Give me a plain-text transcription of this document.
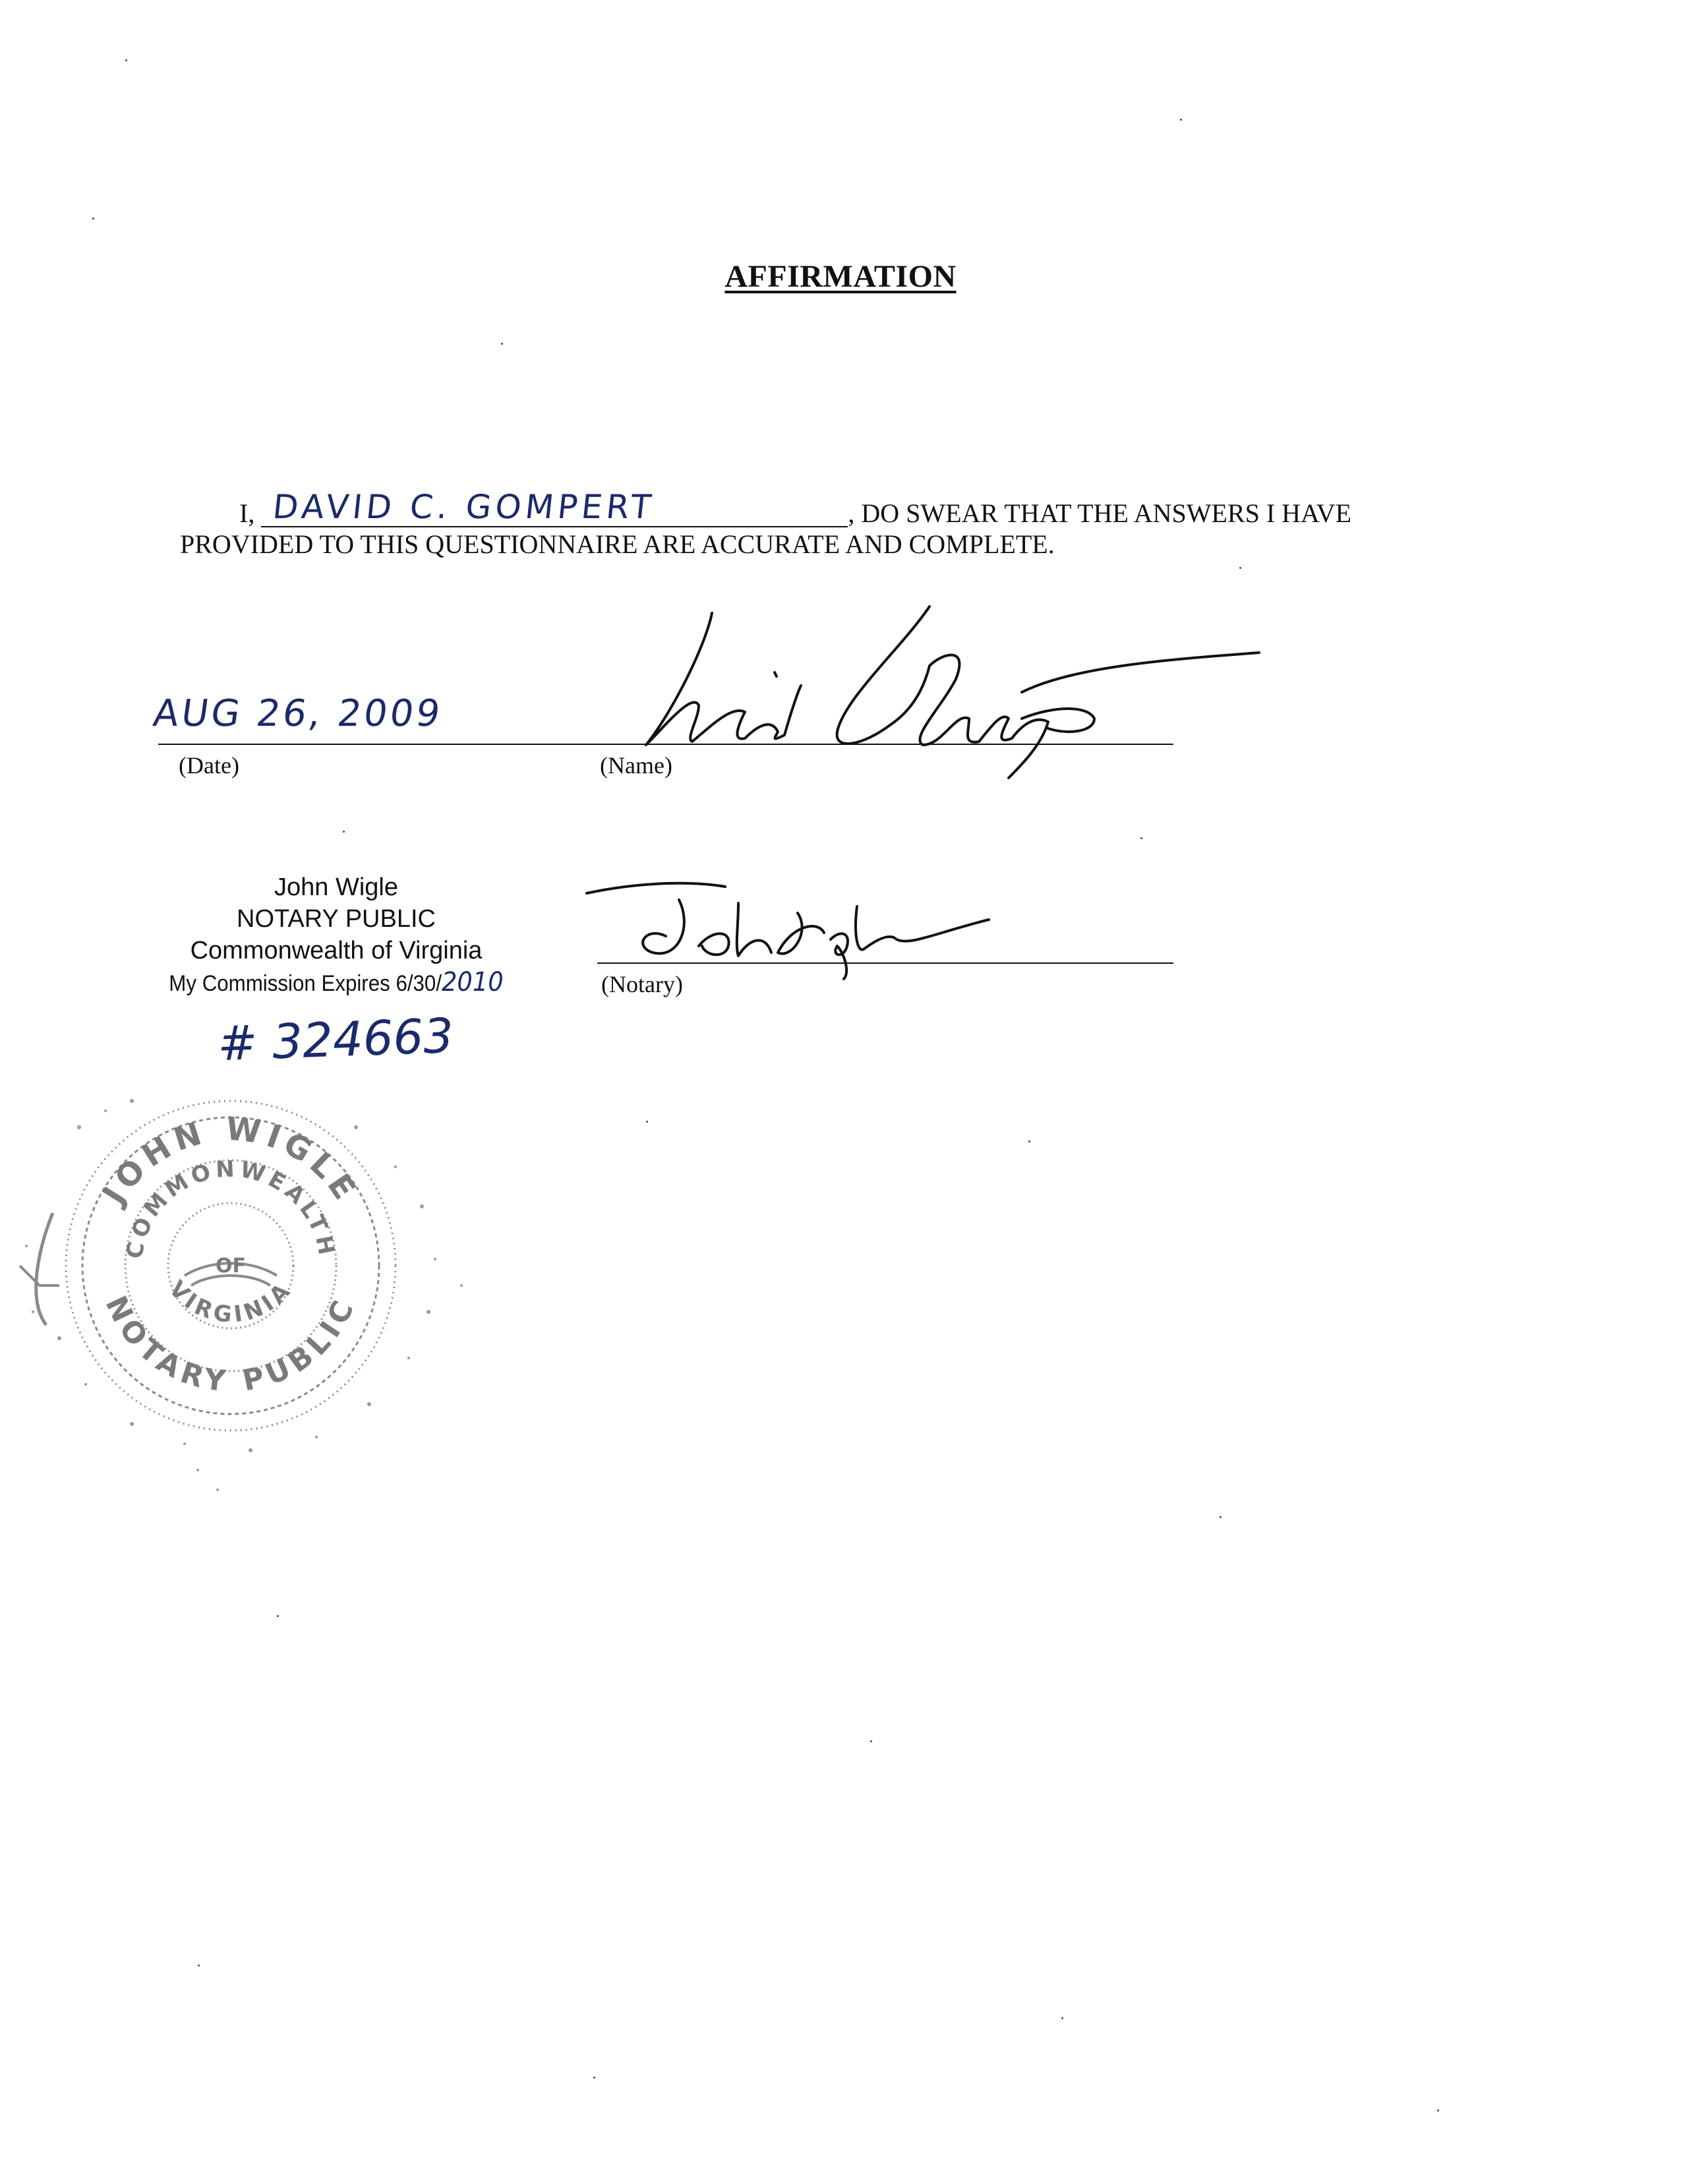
AFFIRMATION
I, DAVID C. GOMPERT	, DO SWEAR THAT THE ANSWERS I HAVE
PROVIDED TO THIS QUESTIONNAIRE ARE ACCURATE AND COMPLETE.
AUG 26, 2009
(Date)	(Name)
John Wigle
NOTARY PUBLIC
Commonwealth of Virginia
My Commission Expires 6/30/2010
# 324663
(Notary)
JOHN WIGLE
COMMONWEALTH
OF
VIRGINIA
NOTARY PUBLIC
